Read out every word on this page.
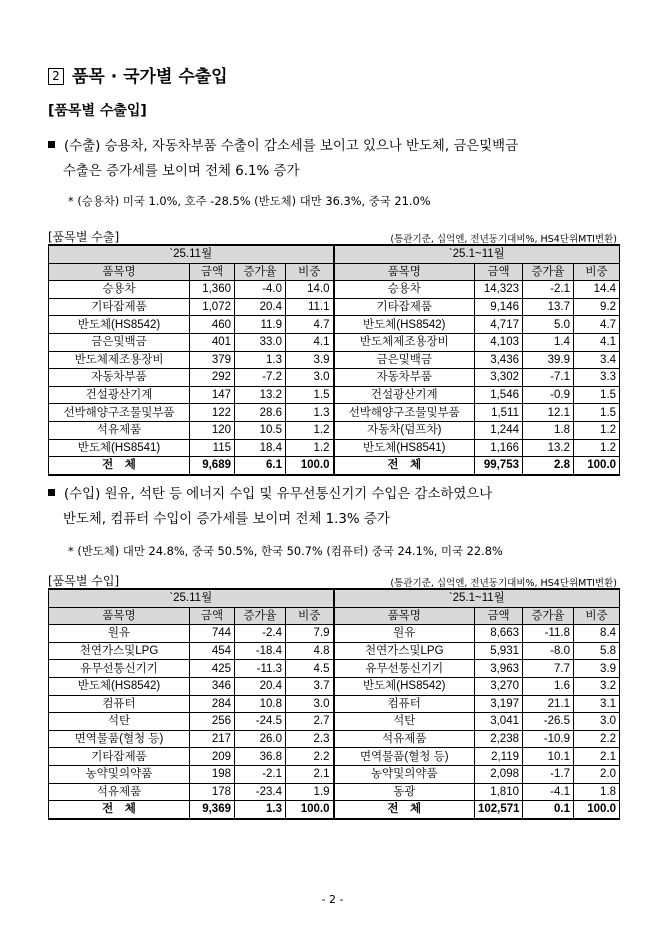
2 품목 · 국가별 수출입
[품목별 수출입]
(수출) 승용차, 자동차부품 수출이 감소세를 보이고 있으나 반도체, 금은및백금
수출은 증가세를 보이며 전체 6.1% 증가
* (승용차) 미국 1.0%, 호주 -28.5% (반도체) 대만 36.3%, 중국 21.0%
[품목별 수출]	(통관기준, 십억엔, 전년동기대비%, HS4단위MTI변환)
`25.11월				`25.1~11월			
품목명	금액	증가율	비중	품목명	금액	증가율	비중
승용차	1,360	-4.0	14.0	승용차	14,323	-2.1	14.4
기타잡제품	1,072	20.4	11.1	기타잡제품	9,146	13.7	9.2
반도체(HS8542)	460	11.9	4.7	반도체(HS8542)	4,717	5.0	4.7
금은및백금	401	33.0	4.1	반도체제조용장비	4,103	1.4	4.1
반도체제조용장비	379	1.3	3.9	금은및백금	3,436	39.9	3.4
자동차부품	292	-7.2	3.0	자동차부품	3,302	-7.1	3.3
건설광산기계	147	13.2	1.5	건설광산기계	1,546	-0.9	1.5
선박해양구조물및부품	122	28.6	1.3	선박해양구조물및부품	1,511	12.1	1.5
석유제품	120	10.5	1.2	자동차(덤프차)	1,244	1.8	1.2
반도체(HS8541)	115	18.4	1.2	반도체(HS8541)	1,166	13.2	1.2
전　체	9,689	6.1	100.0	전　체	99,753	2.8	100.0
(수입) 원유, 석탄 등 에너지 수입 및 유무선통신기기 수입은 감소하였으나
반도체, 컴퓨터 수입이 증가세를 보이며 전체 1.3% 증가
* (반도체) 대만 24.8%, 중국 50.5%, 한국 50.7% (컴퓨터) 중국 24.1%, 미국 22.8%
[품목별 수입]	(통관기준, 십억엔, 전년동기대비%, HS4단위MTI변환)
`25.11월				`25.1~11월			
품목명	금액	증가율	비중	품목명	금액	증가율	비중
원유	744	-2.4	7.9	원유	8,663	-11.8	8.4
천연가스및LPG	454	-18.4	4.8	천연가스및LPG	5,931	-8.0	5.8
유무선통신기기	425	-11.3	4.5	유무선통신기기	3,963	7.7	3.9
반도체(HS8542)	346	20.4	3.7	반도체(HS8542)	3,270	1.6	3.2
컴퓨터	284	10.8	3.0	컴퓨터	3,197	21.1	3.1
석탄	256	-24.5	2.7	석탄	3,041	-26.5	3.0
면역물품(혈청 등)	217	26.0	2.3	석유제품	2,238	-10.9	2.2
기타잡제품	209	36.8	2.2	면역물품(혈청 등)	2,119	10.1	2.1
농약및의약품	198	-2.1	2.1	농약및의약품	2,098	-1.7	2.0
석유제품	178	-23.4	1.9	동광	1,810	-4.1	1.8
전　체	9,369	1.3	100.0	전　체	102,571	0.1	100.0
- 2 -
